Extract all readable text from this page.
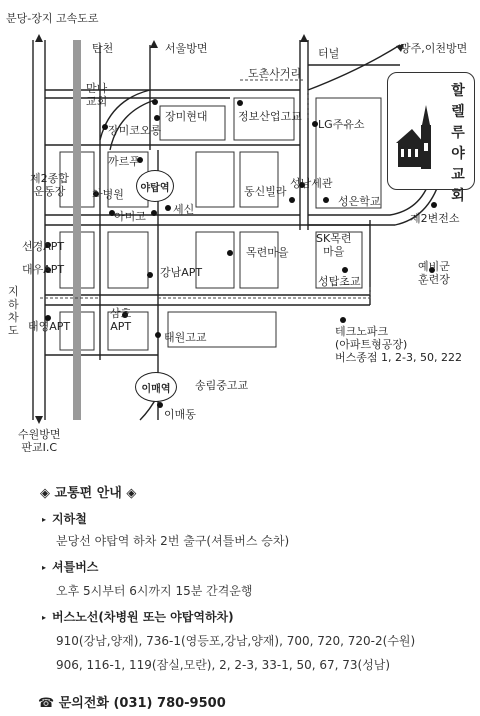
분당-장지 고속도로
탄천	서울방면	터널	광주,이천방면
도촌사거리
만나
교회
장미현대
장미코오롱
정보산업고교
LG주유소
까르푸
야탑역
제2종합
운동장	차병원
아미고
세신
동신빌라
성남세관
성은학교
제2변전소
선경APT
대우APT	강남APT
목련마을
SK목련
마을
성탑초교
예비군
훈련장
지
하
차
도 태영APT
삼호
APT
태원고교	테크노파크
(아파트형공장)
버스종점 1, 2-3, 50, 222
이매역	송림중고교
이매동
수원방면
판교I.C
할렐루야교회
◈ 교통편 안내 ◈
▸ 지하철
분당선 야탑역 하차 2번 출구(셔틀버스 승차)
▸ 셔틀버스
오후 5시부터 6시까지 15분 간격운행
▸ 버스노선(차병원 또는 야탑역하차)
910(강남,양재), 736-1(영등포,강남,양재), 700, 720, 720-2(수원)
906, 116-1, 119(잠실,모란), 2, 2-3, 33-1, 50, 67, 73(성남)
☎ 문의전화 (031) 780-9500
